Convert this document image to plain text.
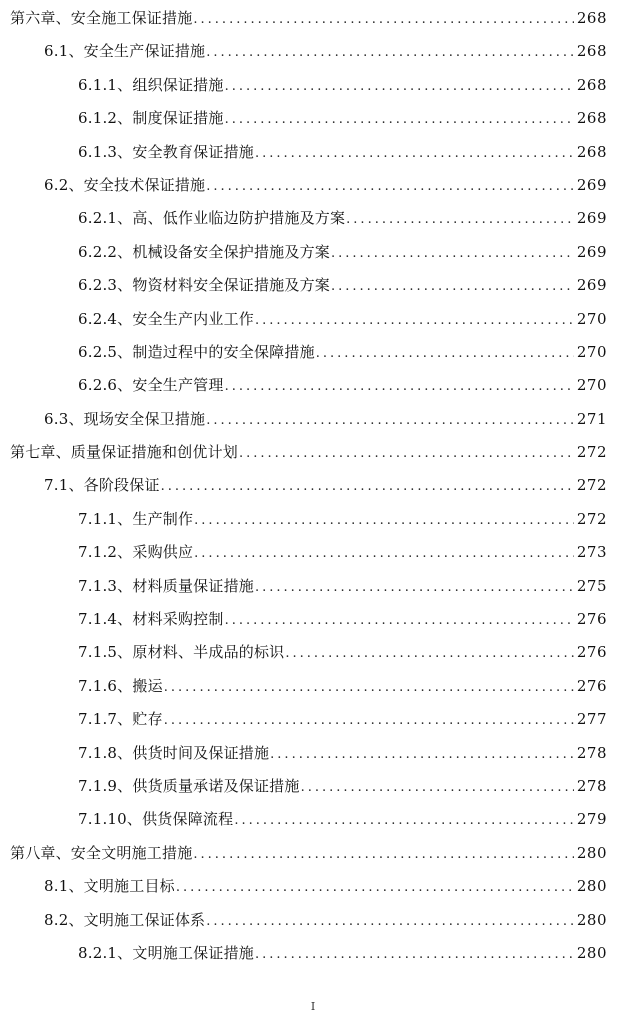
第六章、安全施工保证措施 .....	268
6.1、安全生产保证措施 .....	268
6.1.1、组织保证措施 .....	268
6.1.2、制度保证措施 .....	268
6.1.3、安全教育保证措施 .....	268
6.2、安全技术保证措施 .....	269
6.2.1、高、低作业临边防护措施及方案 .....	269
6.2.2、机械设备安全保护措施及方案 .....	269
6.2.3、物资材料安全保证措施及方案 .....	269
6.2.4、安全生产内业工作 .....	270
6.2.5、制造过程中的安全保障措施 .....	270
6.2.6、安全生产管理 .....	270
6.3、现场安全保卫措施 .....	271
第七章、质量保证措施和创优计划 .....	272
7.1、各阶段保证 .....	272
7.1.1、生产制作 .....	272
7.1.2、采购供应 .....	273
7.1.3、材料质量保证措施 .....	275
7.1.4、材料采购控制 .....	276
7.1.5、原材料、半成品的标识 .....	276
7.1.6、搬运 .....	276
7.1.7、贮存 .....	277
7.1.8、供货时间及保证措施 .....	278
7.1.9、供货质量承诺及保证措施 .....	278
7.1.10、供货保障流程 .....	279
第八章、安全文明施工措施 .....	280
8.1、文明施工目标 .....	280
8.2、文明施工保证体系 .....	280
8.2.1、文明施工保证措施 .....	280
I
